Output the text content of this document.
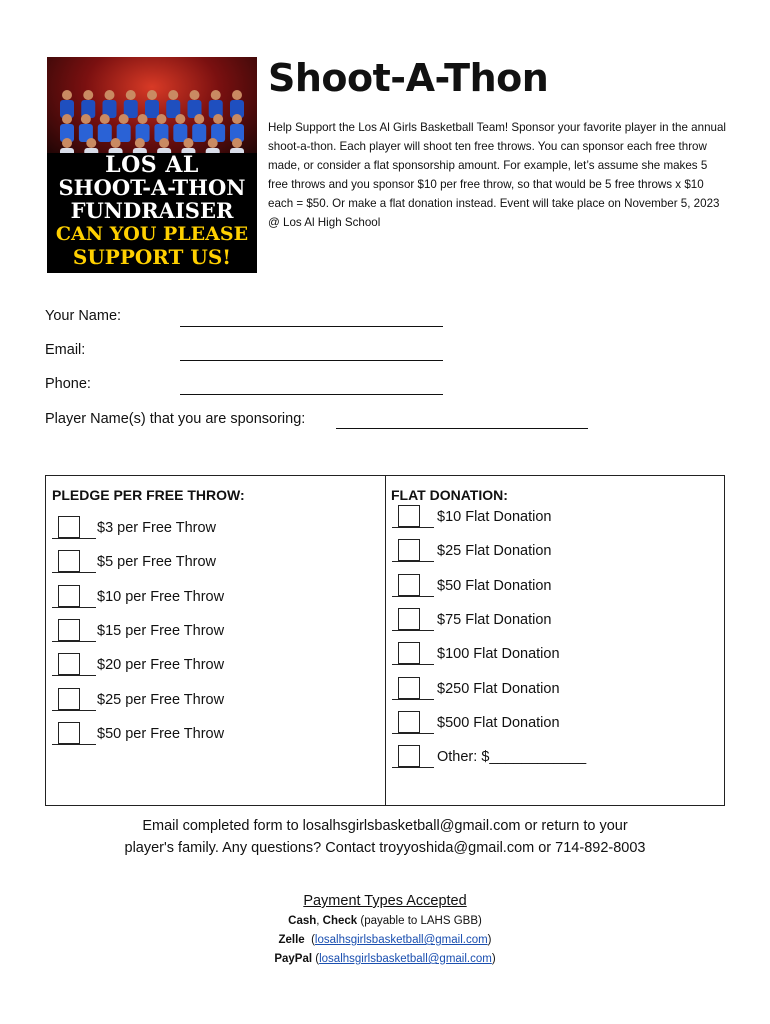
LOS AL
SHOOT-A-THON
FUNDRAISER
CAN YOU PLEASE
SUPPORT US!
Shoot-A-Thon
Help Support the Los Al Girls Basketball Team! Sponsor your favorite player in the annual shoot-a-thon. Each player will shoot ten free throws. You can sponsor each free throw made, or consider a flat sponsorship amount. For example, let’s assume she makes 5 free throws and you sponsor $10 per free throw, so that would be 5 free throws x $10 each = $50. Or make a flat donation instead. Event will take place on November 5, 2023 @ Los Al High School
Your Name:
Email:
Phone:
Player Name(s) that you are sponsoring:
PLEDGE PER FREE THROW:	FLAT DONATION:
$3 per Free Throw
$5 per Free Throw
$10 per Free Throw
$15 per Free Throw
$20 per Free Throw
$25 per Free Throw
$50 per Free Throw
$10 Flat Donation
$25 Flat Donation
$50 Flat Donation
$75 Flat Donation
$100 Flat Donation
$250 Flat Donation
$500 Flat Donation
Other: $____________
Email completed form to losalhsgirlsbasketball@gmail.com or return to your
player's family. Any questions? Contact troyyoshida@gmail.com or 714-892-8003
Payment Types Accepted
Cash, Check (payable to LAHS GBB)
Zelle (losalhsgirlsbasketball@gmail.com)
PayPal (losalhsgirlsbasketball@gmail.com)
